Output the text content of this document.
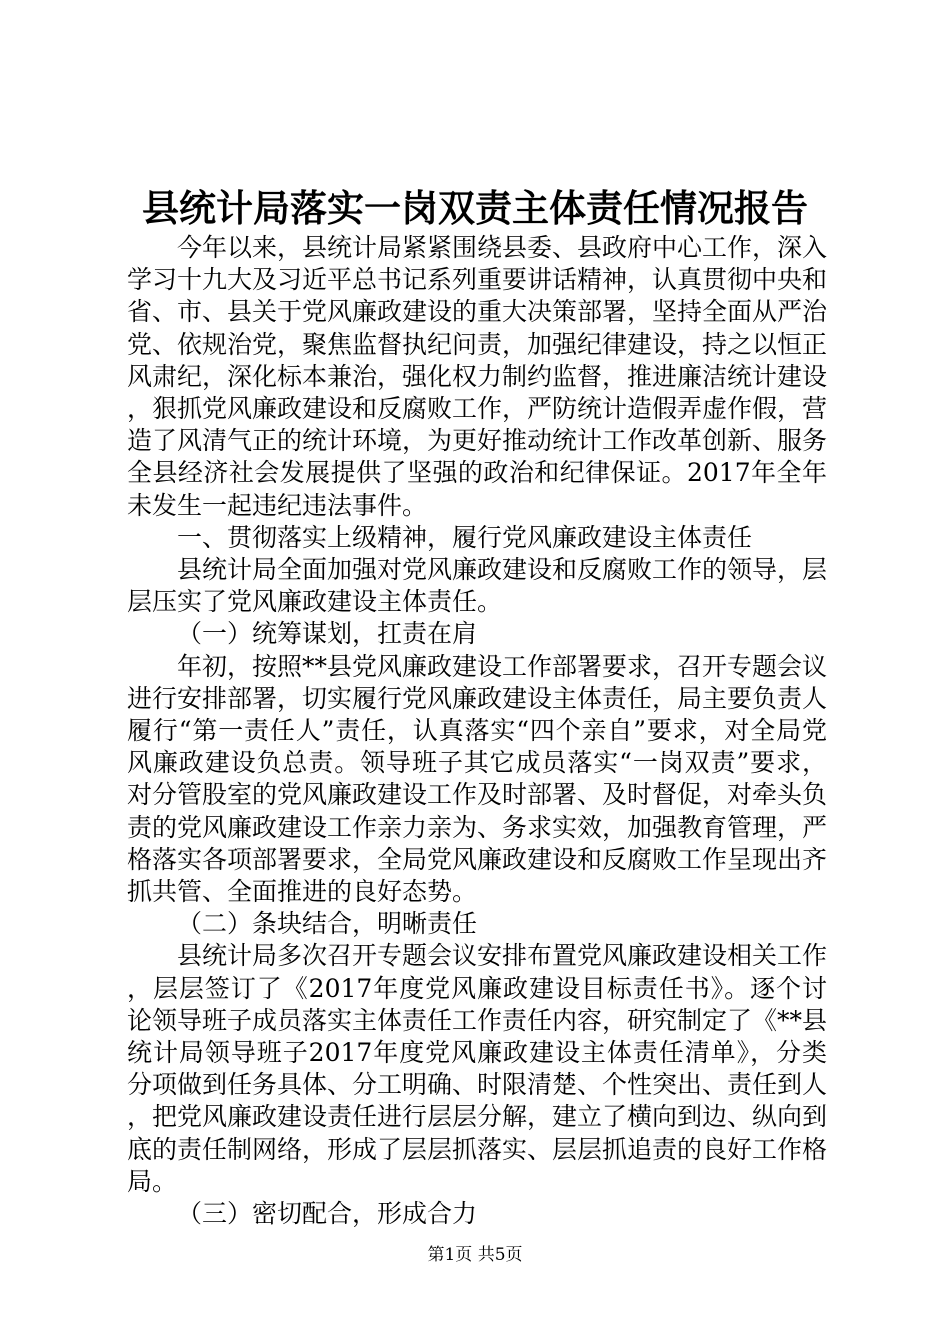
县统计局落实一岗双责主体责任情况报告

今年以来，县统计局紧紧围绕县委、县政府中心工作，深入学习十九大及习近平总书记系列重要讲话精神，认真贯彻中央和省、市、县关于党风廉政建设的重大决策部署，坚持全面从严治党、依规治党，聚焦监督执纪问责，加强纪律建设，持之以恒正风肃纪，深化标本兼治，强化权力制约监督，推进廉洁统计建设，狠抓党风廉政建设和反腐败工作，严防统计造假弄虚作假，营造了风清气正的统计环境，为更好推动统计工作改革创新、服务全县经济社会发展提供了坚强的政治和纪律保证。2017年全年未发生一起违纪违法事件。

一、贯彻落实上级精神，履行党风廉政建设主体责任

县统计局全面加强对党风廉政建设和反腐败工作的领导，层层压实了党风廉政建设主体责任。

（一）统筹谋划，扛责在肩

年初，按照**县党风廉政建设工作部署要求，召开专题会议进行安排部署，切实履行党风廉政建设主体责任，局主要负责人履行“第一责任人”责任，认真落实“四个亲自”要求，对全局党风廉政建设负总责。领导班子其它成员落实“一岗双责”要求，对分管股室的党风廉政建设工作及时部署、及时督促，对牵头负责的党风廉政建设工作亲力亲为、务求实效，加强教育管理，严格落实各项部署要求，全局党风廉政建设和反腐败工作呈现出齐抓共管、全面推进的良好态势。

（二）条块结合，明晰责任

县统计局多次召开专题会议安排布置党风廉政建设相关工作，层层签订了《2017年度党风廉政建设目标责任书》。逐个讨论领导班子成员落实主体责任工作责任内容，研究制定了《**县统计局领导班子2017年度党风廉政建设主体责任清单》，分类分项做到任务具体、分工明确、时限清楚、个性突出、责任到人，把党风廉政建设责任进行层层分解，建立了横向到边、纵向到底的责任制网络，形成了层层抓落实、层层抓追责的良好工作格局。

（三）密切配合，形成合力

第1页 共5页
